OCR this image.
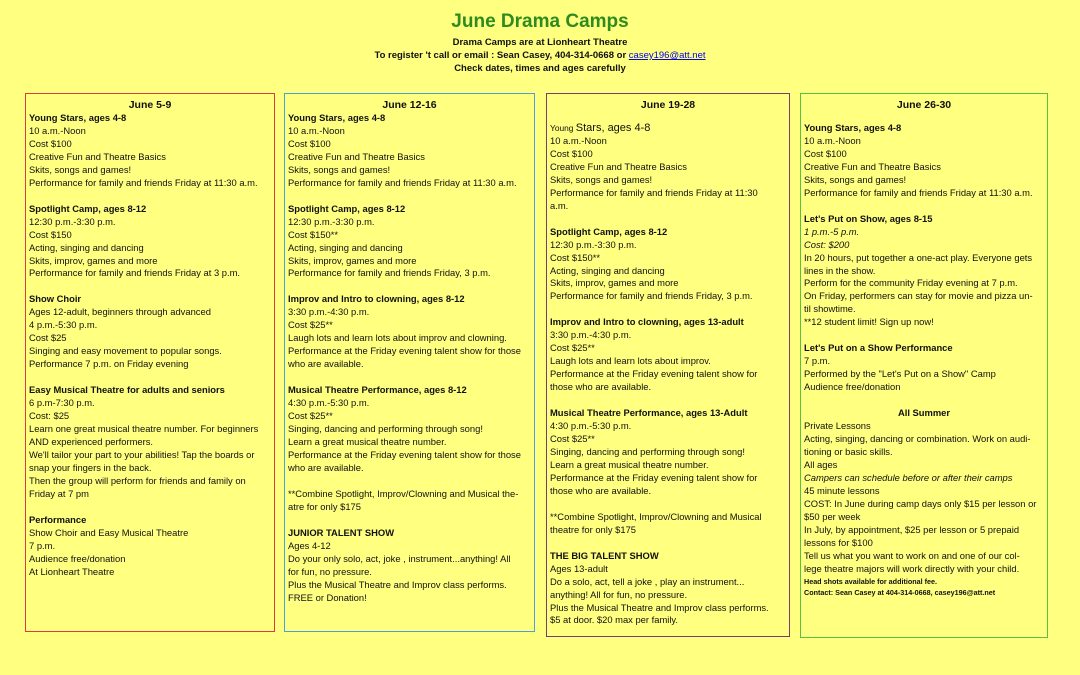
June Drama Camps
Drama Camps are at Lionheart Theatre
To register 't call or email : Sean Casey, 404-314-0668 or casey196@att.net
Check dates, times and ages carefully
June 5-9
Young Stars, ages 4-8
10 a.m.-Noon
Cost $100
Creative Fun and Theatre Basics
Skits, songs and games!
Performance for family and friends Friday at 11:30 a.m.
Spotlight Camp, ages 8-12
12:30 p.m.-3:30 p.m.
Cost $150
Acting, singing and dancing
Skits, improv, games and more
Performance for family and friends Friday at 3 p.m.
Show Choir
Ages 12-adult, beginners through advanced
4 p.m.-5:30 p.m.
Cost $25
Singing and easy movement to popular songs.
Performance 7 p.m. on Friday evening
Easy Musical Theatre for adults and seniors
6 p.m-7:30 p.m.
Cost: $25
Learn one great musical theatre number. For beginners
AND experienced performers.
We'll tailor your part to your abilities! Tap the boards or
snap your fingers in the back.
Then the group will perform for friends and family on
Friday at 7 pm
Performance
Show Choir and Easy Musical Theatre
7 p.m.
Audience free/donation
At Lionheart Theatre
June 12-16
Young Stars, ages 4-8
10 a.m.-Noon
Cost $100
Creative Fun and Theatre Basics
Skits, songs and games!
Performance for family and friends Friday at 11:30 a.m.
Spotlight Camp, ages 8-12
12:30 p.m.-3:30 p.m.
Cost $150**
Acting, singing and dancing
Skits, improv, games and more
Performance for family and friends Friday, 3 p.m.
Improv and Intro to clowning, ages 8-12
3:30 p.m.-4:30 p.m.
Cost $25**
Laugh lots and learn lots about improv and clowning.
Performance at the Friday evening talent show for those
who are available.
Musical Theatre Performance, ages 8-12
4:30 p.m.-5:30 p.m.
Cost $25**
Singing, dancing and performing through song!
Learn a great musical theatre number.
Performance at the Friday evening talent show for those
who are available.
**Combine Spotlight, Improv/Clowning and Musical the-
atre for only $175
JUNIOR TALENT SHOW
Ages 4-12
Do your only solo, act, joke , instrument...anything! All
for fun, no pressure.
Plus the Musical Theatre and Improv class performs.
FREE or Donation!
June 19-28
Young Stars, ages 4-8
10 a.m.-Noon
Cost $100
Creative Fun and Theatre Basics
Skits, songs and games!
Performance for family and friends Friday at 11:30
a.m.
Spotlight Camp, ages 8-12
12:30 p.m.-3:30 p.m.
Cost $150**
Acting, singing and dancing
Skits, improv, games and more
Performance for family and friends Friday, 3 p.m.
Improv and Intro to clowning, ages 13-adult
3:30 p.m.-4:30 p.m.
Cost $25**
Laugh lots and learn lots about improv.
Performance at the Friday evening talent show for
those who are available.
Musical Theatre Performance, ages 13-Adult
4:30 p.m.-5:30 p.m.
Cost $25**
Singing, dancing and performing through song!
Learn a great musical theatre number.
Performance at the Friday evening talent show for
those who are available.
**Combine Spotlight, Improv/Clowning and Musical
theatre for only $175
THE BIG TALENT SHOW
Ages 13-adult
Do a solo, act, tell a joke , play an instrument...
anything! All for fun, no pressure.
Plus the Musical Theatre and Improv class performs.
$5 at door. $20 max per family.
June 26-30
Young Stars, ages 4-8
10 a.m.-Noon
Cost $100
Creative Fun and Theatre Basics
Skits, songs and games!
Performance for family and friends Friday at 11:30 a.m.
Let's Put on Show, ages 8-15
1 p.m.-5 p.m.
Cost: $200
In 20 hours, put together a one-act play. Everyone gets
lines in the show.
Perform for the community Friday evening at 7 p.m.
On Friday, performers can stay for movie and pizza un-
til showtime.
**12 student limit! Sign up now!
Let's Put on a Show Performance
7 p.m.
Performed by the "Let's Put on a Show" Camp
Audience free/donation
All Summer
Private Lessons
Acting, singing, dancing or combination. Work on audi-
tioning or basic skills.
All ages
Campers can schedule before or after their camps
45 minute lessons
COST: In June during camp days only $15 per lesson or
$50 per week
In July, by appointment, $25 per lesson or 5 prepaid
lessons for $100
Tell us what you want to work on and one of our col-
lege theatre majors will work directly with your child.
Head shots available for additional fee.
Contact: Sean Casey at 404-314-0668, casey196@att.net
